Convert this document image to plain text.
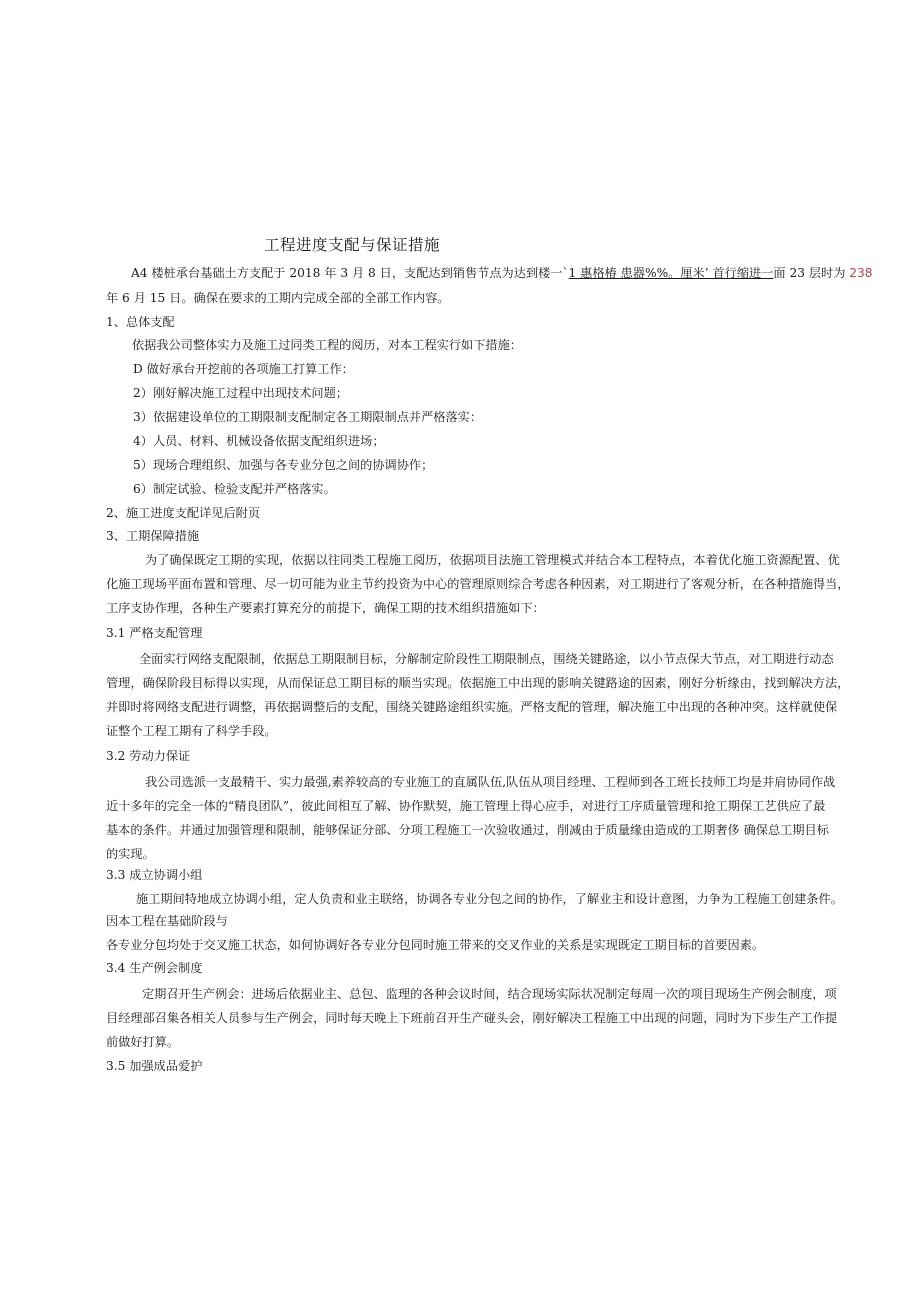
工程进度支配与保证措施
A4 楼桩承台基础土方支配于 2018 年 3 月 8 日，支配达到销售节点为达到楼一`1 惠格椿 患器%%。厘米’ 首行缩进一面 23 层时为 238
年 6 月 15 日。确保在要求的工期内完成全部的全部工作内容。
1、总体支配
依据我公司整体实力及施工过同类工程的阅历，对本工程实行如下措施：
D 做好承台开挖前的各项施工打算工作：
2）刚好解决施工过程中出现技术问题；
3）依据建设单位的工期限制支配制定各工期限制点并严格落实：
4）人员、材料、机械设备依据支配组织进场；
5）现场合理组织、加强与各专业分包之间的协调协作；
6）制定试验、检验支配并严格落实。
2、施工进度支配详见后附页
3、工期保障措施
为了确保既定工期的实现，依据以往同类工程施工阅历，依据项目法施工管理模式并结合本工程特点，本着优化施工资源配置、优
化施工现场平面布置和管理、尽一切可能为业主节约投资为中心的管理原则综合考虑各种因素，对工期进行了客观分析，在各种措施得当，
工序支协作理，各种生产要素打算充分的前提下，确保工期的技术组织措施如下：
3.1 严格支配管理
全面实行网络支配限制，依据总工期限制目标，分解制定阶段性工期限制点，围绕关键路途，以小节点保大节点，对工期进行动态
管理，确保阶段目标得以实现，从而保证总工期目标的顺当实现。依据施工中出现的影响关键路途的因素，刚好分析缘由，找到解决方法，
并即时将网络支配进行调整，再依据调整后的支配，围绕关键路途组织实施。严格支配的管理，解决施工中出现的各种冲突。这样就使保
证整个工程工期有了科学手段。
3.2 劳动力保证
我公司选派一支最精干、实力最强,素养较高的专业施工的直属队伍,队伍从项目经理、工程师到各工班长技师工均是并肩协同作战
近十多年的完全一体的“精良团队”，彼此间相互了解、协作默契，施工管理上得心应手，对进行工序质量管理和抢工期保工艺供应了最
基本的条件。并通过加强管理和限制，能够保证分部、分项工程施工一次验收通过，削减由于质量缘由造成的工期奢侈 确保总工期目标
的实现。
3.3 成立协调小组
施工期间特地成立协调小组，定人负责和业主联络，协调各专业分包之间的协作，了解业主和设计意图，力争为工程施工创建条件。
因本工程在基础阶段与
各专业分包均处于交叉施工状态，如何协调好各专业分包同时施工带来的交叉作业的关系是实现既定工期目标的首要因素。
3.4 生产例会制度
定期召开生产例会：进场后依据业主、总包、监理的各种会议时间，结合现场实际状况制定每周一次的项目现场生产例会制度，项
目经理部召集各相关人员参与生产例会，同时每天晚上下班前召开生产碰头会，刚好解决工程施工中出现的问题，同时为下步生产工作提
前做好打算。
3.5 加强成品爱护
